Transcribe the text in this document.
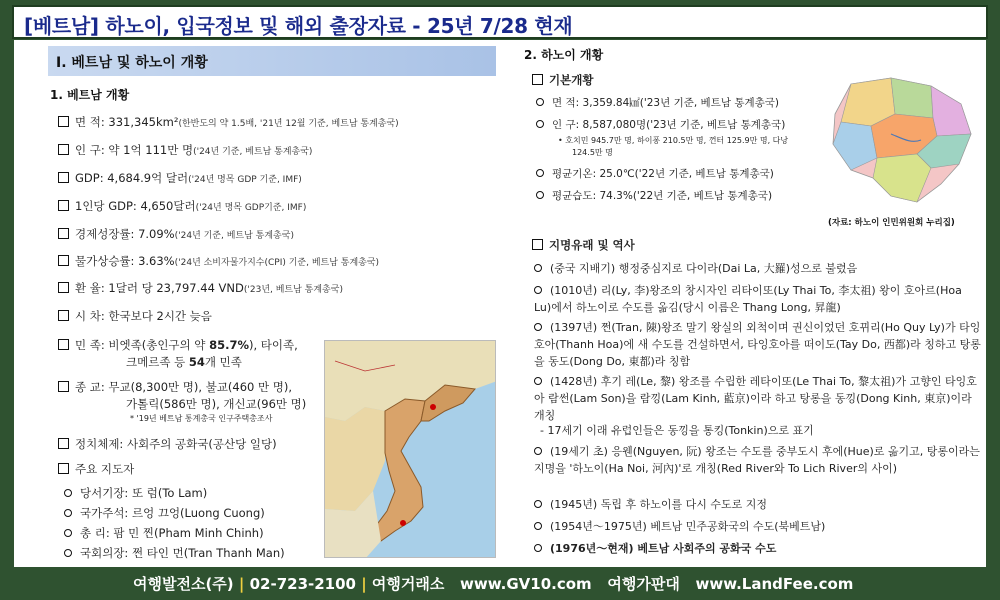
[베트남] 하노이, 입국정보 및 해외 출장자료 - 25년 7/28 현재
Ⅰ. 베트남 및 하노이 개황
1. 베트남 개황
면 적: 331,345km²(한반도의 약 1.5배, '21년 12월 기준, 베트남 통계총국)
인 구: 약 1억 111만 명('24년 기준, 베트남 통계총국)
GDP: 4,684.9억 달러('24년 명목 GDP 기준, IMF)
1인당 GDP: 4,650달러('24년 명목 GDP기준, IMF)
경제성장률: 7.09%('24년 기준, 베트남 통계총국)
물가상승률: 3.63%('24년 소비자물가지수(CPI) 기준, 베트남 통계총국)
환 율: 1달러 당 23,797.44 VND('23년, 베트남 통계총국)
시 차: 한국보다 2시간 늦음
민 족: 비엣족(총인구의 약 85.7%), 타이족,
크메르족 등 54개 민족
종 교: 무교(8,300만 명), 불교(460 만 명),
가톨릭(586만 명), 개신교(96만 명)
* '19년 베트남 통계총국 인구주택총조사
정치체제: 사회주의 공화국(공산당 일당)
주요 지도자
당서기장: 또 럼(To Lam)
국가주석: 르엉 끄엉(Luong Cuong)
총 리: 팜 민 찐(Pham Minh Chinh)
국회의장: 쩐 타인 먼(Tran Thanh Man)
2. 하노이 개황
기본개황
면 적: 3,359.84㎢('23년 기준, 베트남 통계총국)
인 구: 8,587,080명('23년 기준, 베트남 통계총국)
• 호치민 945.7만 명, 하이퐁 210.5만 명, 껀터 125.9만 명, 다낭
124.5만 명
평균기온: 25.0℃('22년 기준, 베트남 통계총국)
평균습도: 74.3%('22년 기준, 베트남 통계총국)
(자료: 하노이 인민위원회 누리집)
지명유래 및 역사
(중국 지배기) 행정중심지로 다이라(Dai La, 大羅)성으로 불렸음
(1010년) 리(Ly, 李)왕조의 창시자인 리타이또(Ly Thai To, 李太祖) 왕이 호아르(Hoa Lu)에서 하노이로 수도를 옮김(당시 이름은 Thang Long, 昇龍)
(1397년) 쩐(Tran, 陳)왕조 말기 왕실의 외척이며 권신이었던 호뀌리(Ho Quy Ly)가 타잉호아(Thanh Hoa)에 새 수도를 건설하면서, 타잉호아를 떠이도(Tay Do, 西都)라 칭하고 탕롱을 동도(Dong Do, 東都)라 칭함
(1428년) 후기 레(Le, 黎) 왕조를 수립한 레타이또(Le Thai To, 黎太祖)가 고향인 타잉호아 람썬(Lam Son)을 람낑(Lam Kinh, 藍京)이라 하고 탕롱을 동낑(Dong Kinh, 東京)이라 개칭
- 17세기 이래 유럽인들은 동낑을 통킹(Tonkin)으로 표기
(19세기 초) 응웬(Nguyen, 阮) 왕조는 수도를 중부도시 후에(Hue)로 옮기고, 탕롱이라는 지명을 '하노이(Ha Noi, 河內)'로 개칭(Red River와 To Lich River의 사이)
(1945년) 독립 후 하노이를 다시 수도로 지정
(1954년～1975년) 베트남 민주공화국의 수도(북베트남)
(1976년～현재) 베트남 사회주의 공화국 수도
여행발전소(주) | 02-723-2100 | 여행거래소 www.GV10.com 여행가판대 www.LandFee.com
